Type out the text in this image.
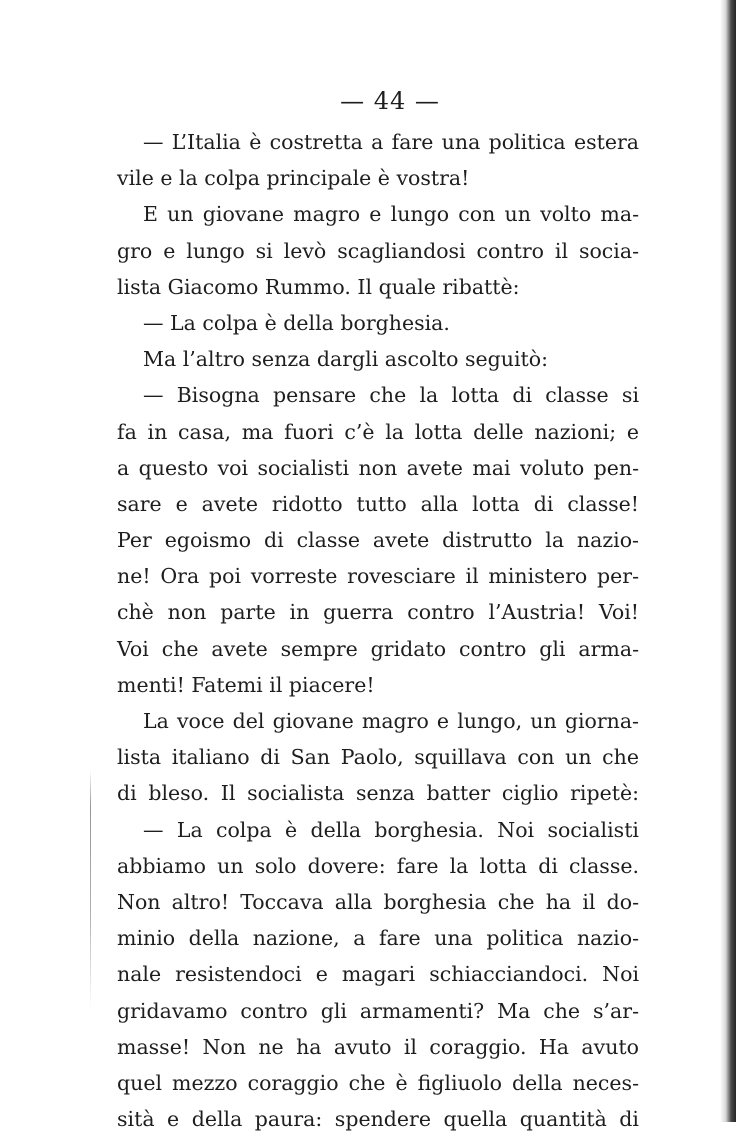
— 44 —
— L’Italia è costretta a fare una politica estera
vile e la colpa principale è vostra!
E un giovane magro e lungo con un volto ma-
gro e lungo si levò scagliandosi contro il socia-
lista Giacomo Rummo. Il quale ribattè:
— La colpa è della borghesia.
Ma l’altro senza dargli ascolto seguitò:
— Bisogna pensare che la lotta di classe si
fa in casa, ma fuori c’è la lotta delle nazioni; e
a questo voi socialisti non avete mai voluto pen-
sare e avete ridotto tutto alla lotta di classe!
Per egoismo di classe avete distrutto la nazio-
ne! Ora poi vorreste rovesciare il ministero per-
chè non parte in guerra contro l’Austria! Voi!
Voi che avete sempre gridato contro gli arma-
menti! Fatemi il piacere!
La voce del giovane magro e lungo, un giorna-
lista italiano di San Paolo, squillava con un che
di bleso. Il socialista senza batter ciglio ripetè:
— La colpa è della borghesia. Noi socialisti
abbiamo un solo dovere: fare la lotta di classe.
Non altro! Toccava alla borghesia che ha il do-
minio della nazione, a fare una politica nazio-
nale resistendoci e magari schiacciandoci. Noi
gridavamo contro gli armamenti? Ma che s’ar-
masse! Non ne ha avuto il coraggio. Ha avuto
quel mezzo coraggio che è figliuolo della neces-
sità e della paura: spendere quella quantità di
